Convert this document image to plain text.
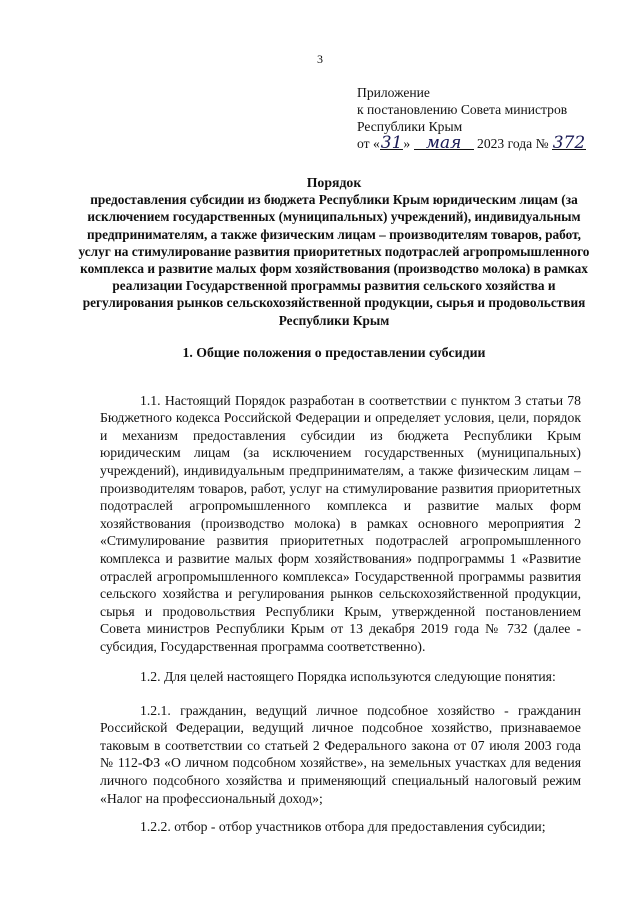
3
Приложение
к постановлению Совета министров
Республики Крым
от «31» мая 2023 года № 372
Порядок
предоставления субсидии из бюджета Республики Крым юридическим лицам (за исключением государственных (муниципальных) учреждений), индивидуальным предпринимателям, а также физическим лицам – производителям товаров, работ, услуг на стимулирование развития приоритетных подотраслей агропромышленного комплекса и развитие малых форм хозяйствования (производство молока) в рамках реализации Государственной программы развития сельского хозяйства и регулирования рынков сельскохозяйственной продукции, сырья и продовольствия Республики Крым
1. Общие положения о предоставлении субсидии

1.1. Настоящий Порядок разработан в соответствии с пунктом 3 статьи 78 Бюджетного кодекса Российской Федерации и определяет условия, цели, порядок и механизм предоставления субсидии из бюджета Республики Крым юридическим лицам (за исключением государственных (муниципальных) учреждений), индивидуальным предпринимателям, а также физическим лицам – производителям товаров, работ, услуг на стимулирование развития приоритетных подотраслей агропромышленного комплекса и развитие малых форм хозяйствования (производство молока) в рамках основного мероприятия 2 «Стимулирование развития приоритетных подотраслей агропромышленного комплекса и развитие малых форм хозяйствования» подпрограммы 1 «Развитие отраслей агропромышленного комплекса» Государственной программы развития сельского хозяйства и регулирования рынков сельскохозяйственной продукции, сырья и продовольствия Республики Крым, утвержденной постановлением Совета министров Республики Крым от 13 декабря 2019 года № 732 (далее - субсидия, Государственная программа соответственно).

1.2. Для целей настоящего Порядка используются следующие понятия:

1.2.1. гражданин, ведущий личное подсобное хозяйство - гражданин Российской Федерации, ведущий личное подсобное хозяйство, признаваемое таковым в соответствии со статьей 2 Федерального закона от 07 июля 2003 года № 112-ФЗ «О личном подсобном хозяйстве», на земельных участках для ведения личного подсобного хозяйства и применяющий специальный налоговый режим «Налог на профессиональный доход»;

1.2.2. отбор - отбор участников отбора для предоставления субсидии;
